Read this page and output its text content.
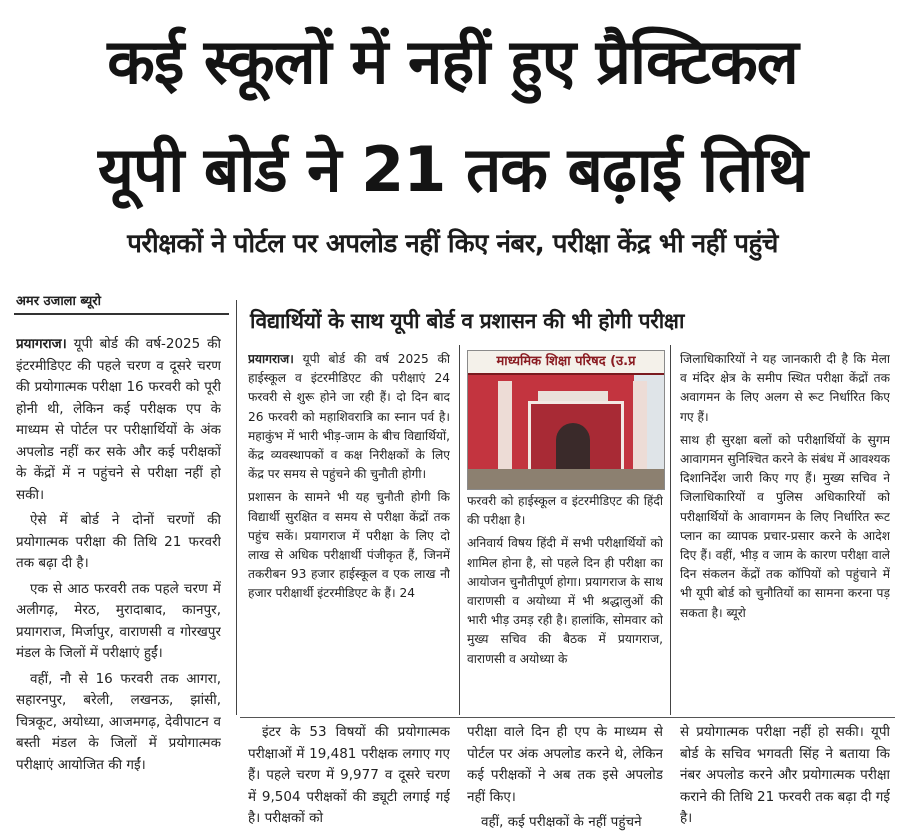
कई स्कूलों में नहीं हुए प्रैक्टिकल
यूपी बोर्ड ने 21 तक बढ़ाई तिथि
परीक्षकों ने पोर्टल पर अपलोड नहीं किए नंबर, परीक्षा केंद्र भी नहीं पहुंचे
अमर उजाला ब्यूरो

प्रयागराज। यूपी बोर्ड की वर्ष-2025 की इंटरमीडिएट की पहले चरण व दूसरे चरण की प्रयोगात्मक परीक्षा 16 फरवरी को पूरी होनी थी, लेकिन कई परीक्षक एप के माध्यम से पोर्टल पर परीक्षार्थियों के अंक अपलोड नहीं कर सके और कई परीक्षकों के केंद्रों में न पहुंचने से परीक्षा नहीं हो सकी।

ऐसे में बोर्ड ने दोनों चरणों की प्रयोगात्मक परीक्षा की तिथि 21 फरवरी तक बढ़ा दी है।

एक से आठ फरवरी तक पहले चरण में अलीगढ़, मेरठ, मुरादाबाद, कानपुर, प्रयागराज, मिर्जापुर, वाराणसी व गोरखपुर मंडल के जिलों में परीक्षाएं हुईं।

वहीं, नौ से 16 फरवरी तक आगरा, सहारनपुर, बरेली, लखनऊ, झांसी, चित्रकूट, अयोध्या, आजमगढ़, देवीपाटन व बस्ती मंडल के जिलों में प्रयोगात्मक परीक्षाएं आयोजित की गईं।

विद्यार्थियों के साथ यूपी बोर्ड व प्रशासन की भी होगी परीक्षा

प्रयागराज। यूपी बोर्ड की वर्ष 2025 की हाईस्कूल व इंटरमीडिएट की परीक्षाएं 24 फरवरी से शुरू होने जा रही हैं। दो दिन बाद 26 फरवरी को महाशिवरात्रि का स्नान पर्व है। महाकुंभ में भारी भीड़-जाम के बीच विद्यार्थियों, केंद्र व्यवस्थापकों व कक्ष निरीक्षकों के लिए केंद्र पर समय से पहुंचने की चुनौती होगी।

प्रशासन के सामने भी यह चुनौती होगी कि विद्यार्थी सुरक्षित व समय से परीक्षा केंद्रों तक पहुंच सकें। प्रयागराज में परीक्षा के लिए दो लाख से अधिक परीक्षार्थी पंजीकृत हैं, जिनमें तकरीबन 93 हजार हाईस्कूल व एक लाख नौ हजार परीक्षार्थी इंटरमीडिएट के हैं। 24

माध्यमिक शिक्षा परिषद (उ.प्र

फरवरी को हाईस्कूल व इंटरमीडिएट की हिंदी की परीक्षा है।

अनिवार्य विषय हिंदी में सभी परीक्षार्थियों को शामिल होना है, सो पहले दिन ही परीक्षा का आयोजन चुनौतीपूर्ण होगा। प्रयागराज के साथ वाराणसी व अयोध्या में भी श्रद्धालुओं की भारी भीड़ उमड़ रही है। हालांकि, सोमवार को मुख्य सचिव की बैठक में प्रयागराज, वाराणसी व अयोध्या के

जिलाधिकारियों ने यह जानकारी दी है कि मेला व मंदिर क्षेत्र के समीप स्थित परीक्षा केंद्रों तक अवागमन के लिए अलग से रूट निर्धारित किए गए हैं।

साथ ही सुरक्षा बलों को परीक्षार्थियों के सुगम आवागमन सुनिश्चित करने के संबंध में आवश्यक दिशानिर्देश जारी किए गए हैं। मुख्य सचिव ने जिलाधिकारियों व पुलिस अधिकारियों को परीक्षार्थियों के आवागमन के लिए निर्धारित रूट प्लान का व्यापक प्रचार-प्रसार करने के आदेश दिए हैं। वहीं, भीड़ व जाम के कारण परीक्षा वाले दिन संकलन केंद्रों तक कॉपियों को पहुंचाने में भी यूपी बोर्ड को चुनौतियों का सामना करना पड़ सकता है। ब्यूरो

इंटर के 53 विषयों की प्रयोगात्मक परीक्षाओं में 19,481 परीक्षक लगाए गए हैं। पहले चरण में 9,977 व दूसरे चरण में 9,504 परीक्षकों की ड्यूटी लगाई गई है। परीक्षकों को

परीक्षा वाले दिन ही एप के माध्यम से पोर्टल पर अंक अपलोड करने थे, लेकिन कई परीक्षकों ने अब तक इसे अपलोड नहीं किए।

वहीं, कई परीक्षकों के नहीं पहुंचने

से प्रयोगात्मक परीक्षा नहीं हो सकी। यूपी बोर्ड के सचिव भगवती सिंह ने बताया कि नंबर अपलोड करने और प्रयोगात्मक परीक्षा कराने की तिथि 21 फरवरी तक बढ़ा दी गई है।
